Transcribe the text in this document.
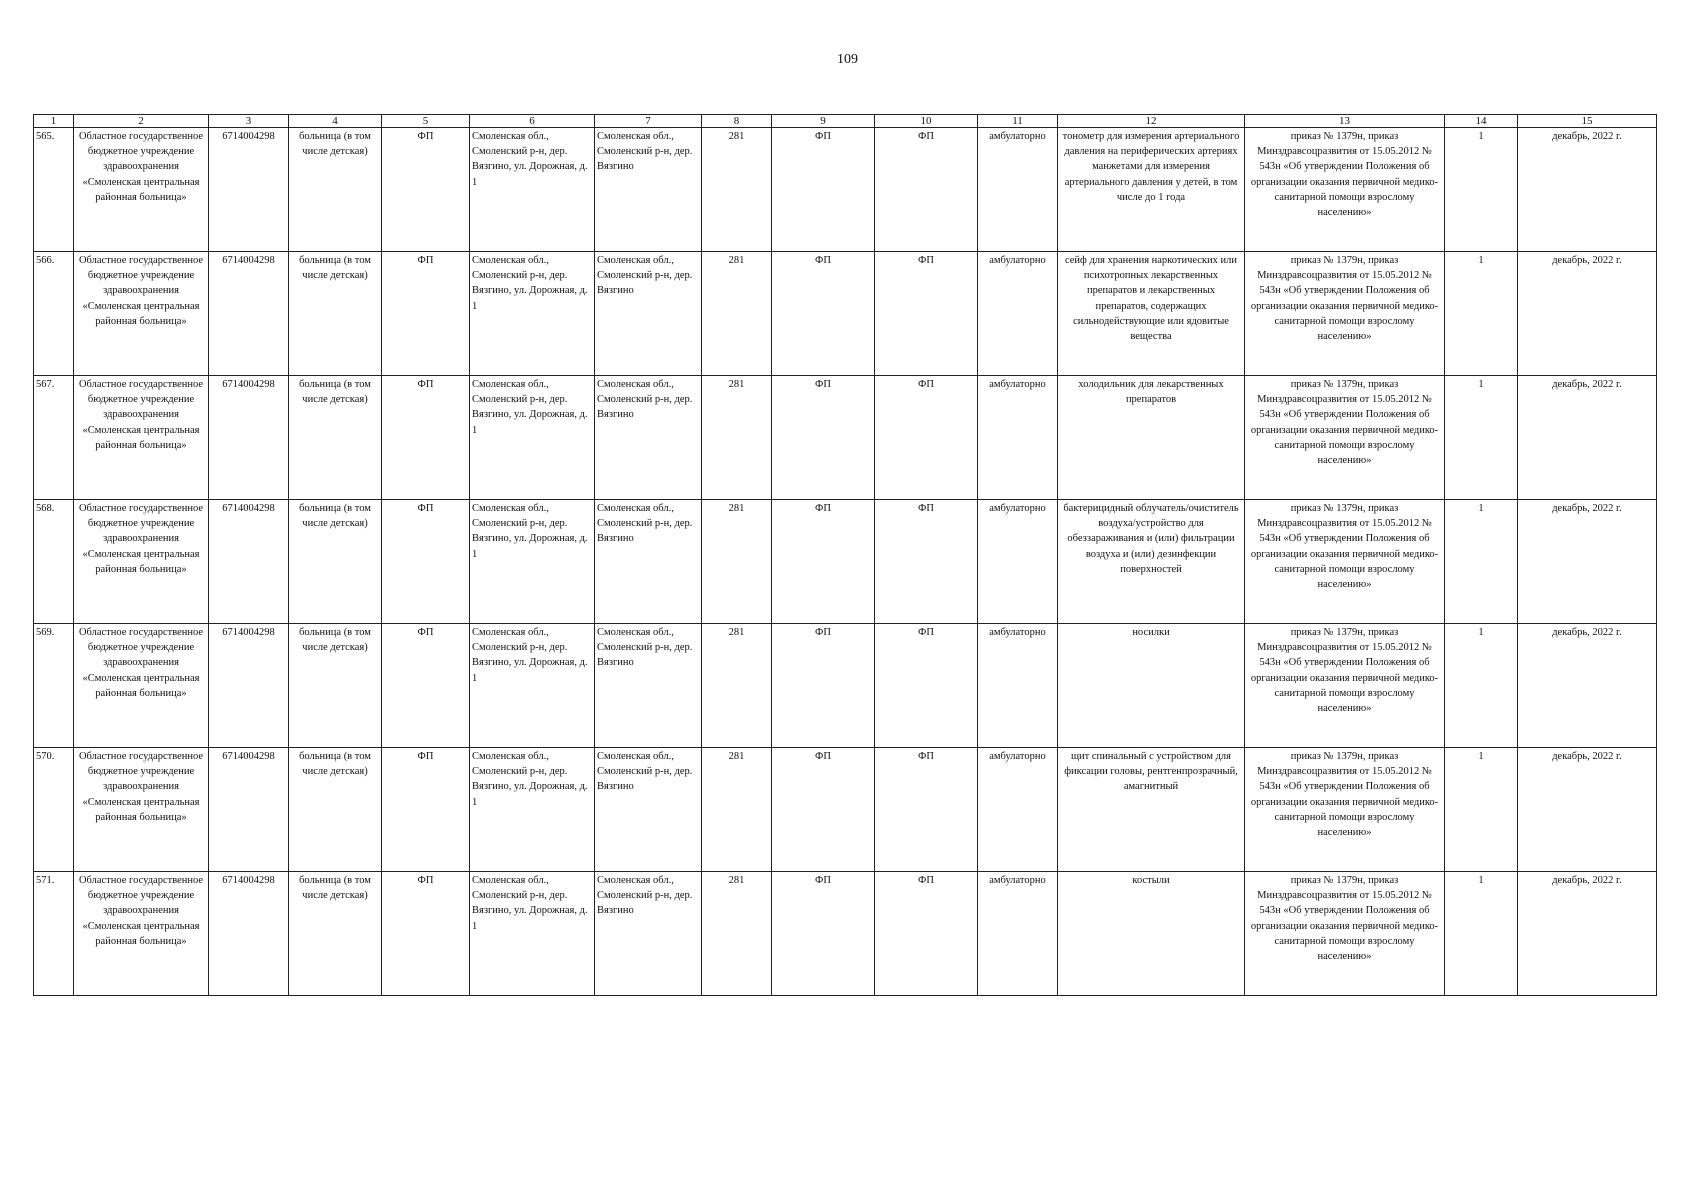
109
1	2	3	4	5	6	7	8	9	10	11	12	13	14	15
565.	Областное государственное бюджетное учреждение здравоохранения «Смоленская центральная районная больница»	6714004298	больница (в том числе детская)	ФП	Смоленская обл., Смоленский р-н, дер. Вязгино, ул. Дорожная, д. 1	Смоленская обл., Смоленский р-н, дер. Вязгино	281	ФП	ФП	амбулаторно	тонометр для измерения артериального давления на периферических артериях манжетами для измерения артериального давления у детей, в том числе до 1 года	приказ № 1379н, приказ Минздравсоцразвития от 15.05.2012 № 543н «Об утверждении Положения об организации оказания первичной медико-санитарной помощи взрослому населению»	1	декабрь, 2022 г.
566.	Областное государственное бюджетное учреждение здравоохранения «Смоленская центральная районная больница»	6714004298	больница (в том числе детская)	ФП	Смоленская обл., Смоленский р-н, дер. Вязгино, ул. Дорожная, д. 1	Смоленская обл., Смоленский р-н, дер. Вязгино	281	ФП	ФП	амбулаторно	сейф для хранения наркотических или психотропных лекарственных препаратов и лекарственных препаратов, содержащих сильнодействующие или ядовитые вещества	приказ № 1379н, приказ Минздравсоцразвития от 15.05.2012 № 543н «Об утверждении Положения об организации оказания первичной медико-санитарной помощи взрослому населению»	1	декабрь, 2022 г.
567.	Областное государственное бюджетное учреждение здравоохранения «Смоленская центральная районная больница»	6714004298	больница (в том числе детская)	ФП	Смоленская обл., Смоленский р-н, дер. Вязгино, ул. Дорожная, д. 1	Смоленская обл., Смоленский р-н, дер. Вязгино	281	ФП	ФП	амбулаторно	холодильник для лекарственных препаратов	приказ № 1379н, приказ Минздравсоцразвития от 15.05.2012 № 543н «Об утверждении Положения об организации оказания первичной медико-санитарной помощи взрослому населению»	1	декабрь, 2022 г.
568.	Областное государственное бюджетное учреждение здравоохранения «Смоленская центральная районная больница»	6714004298	больница (в том числе детская)	ФП	Смоленская обл., Смоленский р-н, дер. Вязгино, ул. Дорожная, д. 1	Смоленская обл., Смоленский р-н, дер. Вязгино	281	ФП	ФП	амбулаторно	бактерицидный облучатель/очиститель воздуха/устройство для обеззараживания и (или) фильтрации воздуха и (или) дезинфекции поверхностей	приказ № 1379н, приказ Минздравсоцразвития от 15.05.2012 № 543н «Об утверждении Положения об организации оказания первичной медико-санитарной помощи взрослому населению»	1	декабрь, 2022 г.
569.	Областное государственное бюджетное учреждение здравоохранения «Смоленская центральная районная больница»	6714004298	больница (в том числе детская)	ФП	Смоленская обл., Смоленский р-н, дер. Вязгино, ул. Дорожная, д. 1	Смоленская обл., Смоленский р-н, дер. Вязгино	281	ФП	ФП	амбулаторно	носилки	приказ № 1379н, приказ Минздравсоцразвития от 15.05.2012 № 543н «Об утверждении Положения об организации оказания первичной медико-санитарной помощи взрослому населению»	1	декабрь, 2022 г.
570.	Областное государственное бюджетное учреждение здравоохранения «Смоленская центральная районная больница»	6714004298	больница (в том числе детская)	ФП	Смоленская обл., Смоленский р-н, дер. Вязгино, ул. Дорожная, д. 1	Смоленская обл., Смоленский р-н, дер. Вязгино	281	ФП	ФП	амбулаторно	щит спинальный с устройством для фиксации головы, рентгенпрозрачный, амагнитный	приказ № 1379н, приказ Минздравсоцразвития от 15.05.2012 № 543н «Об утверждении Положения об организации оказания первичной медико-санитарной помощи взрослому населению»	1	декабрь, 2022 г.
571.	Областное государственное бюджетное учреждение здравоохранения «Смоленская центральная районная больница»	6714004298	больница (в том числе детская)	ФП	Смоленская обл., Смоленский р-н, дер. Вязгино, ул. Дорожная, д. 1	Смоленская обл., Смоленский р-н, дер. Вязгино	281	ФП	ФП	амбулаторно	костыли	приказ № 1379н, приказ Минздравсоцразвития от 15.05.2012 № 543н «Об утверждении Положения об организации оказания первичной медико-санитарной помощи взрослому населению»	1	декабрь, 2022 г.
